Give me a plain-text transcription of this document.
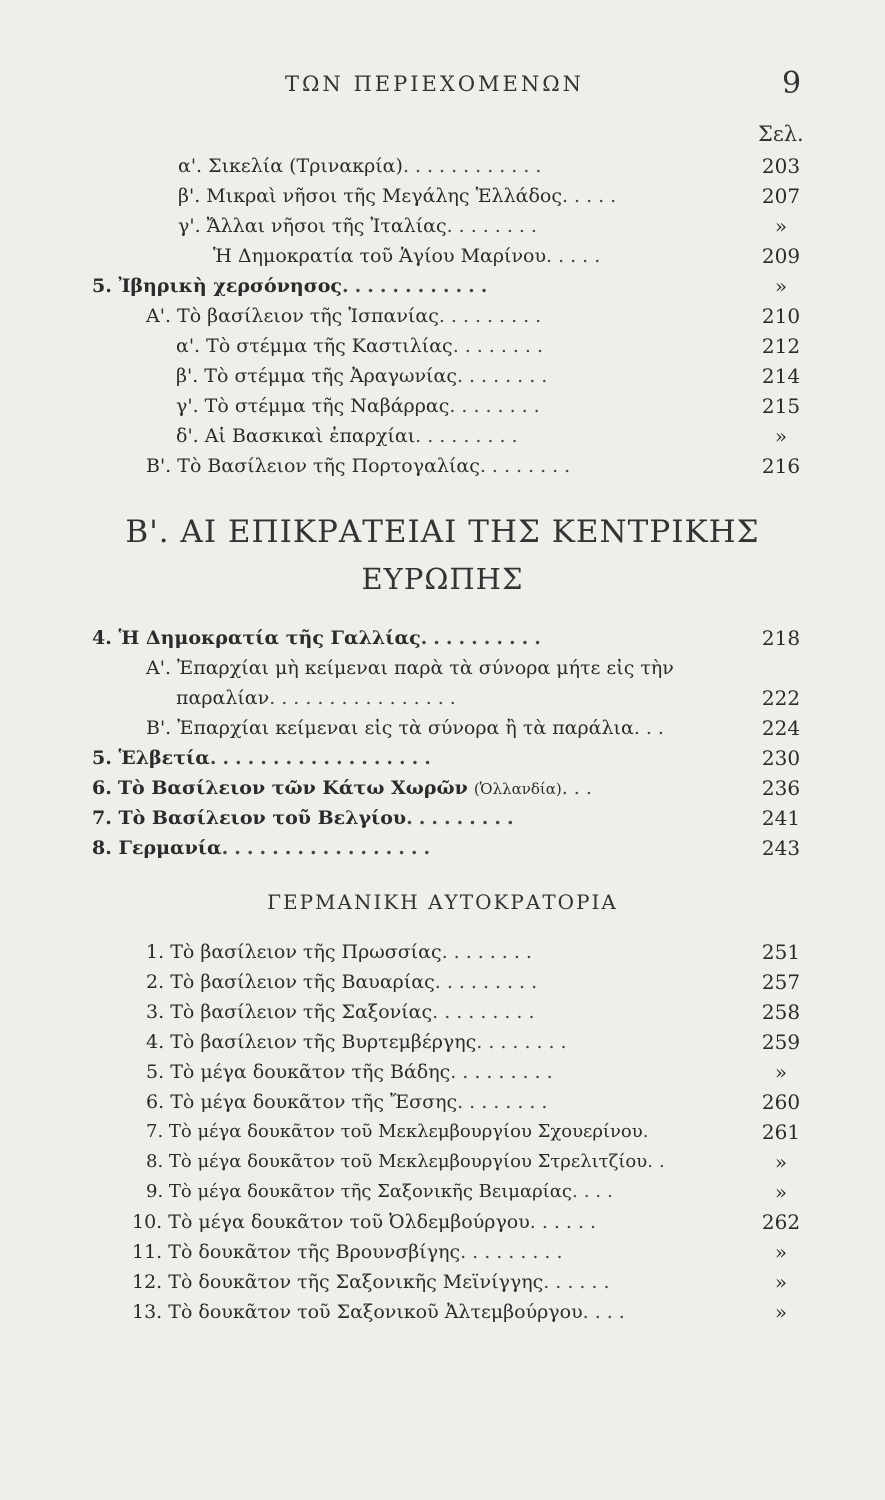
ΤΩΝ ΠΕΡΙΕΧΟΜΕΝΩΝ	9
Σελ.
α'. Σικελία (Τρινακρία)............	203
β'. Μικραὶ νῆσοι τῆς Μεγάλης Ἑλλάδος.....	207
γ'. Ἄλλαι νῆσοι τῆς Ἰταλίας........	»
Ἡ Δημοκρατία τοῦ Ἁγίου Μαρίνου.....	209
5. Ἰβηρικὴ χερσόνησος............	»
Α'. Τὸ βασίλειον τῆς Ἱσπανίας.........	210
α'. Τὸ στέμμα τῆς Καστιλίας........	212
β'. Τὸ στέμμα τῆς Ἀραγωνίας........	214
γ'. Τὸ στέμμα τῆς Ναβάρρας........	215
δ'. Αἱ Βασκικαὶ ἐπαρχίαι.........	»
Β'. Τὸ Βασίλειον τῆς Πορτογαλίας........	216
Β'. ΑΙ ΕΠΙΚΡΑΤΕΙΑΙ ΤΗΣ ΚΕΝΤΡΙΚΗΣ
ΕΥΡΩΠΗΣ
4. Ἡ Δημοκρατία τῆς Γαλλίας..........	218
Α'. Ἐπαρχίαι μὴ κείμεναι παρὰ τὰ σύνορα μήτε εἰς τὴν
παραλίαν................	222
Β'. Ἐπαρχίαι κείμεναι εἰς τὰ σύνορα ἢ τὰ παράλια...	224
5. Ἑλβετία..................	230
6. Τὸ Βασίλειον τῶν Κάτω Χωρῶν (Ὁλλανδία)...	236
7. Τὸ Βασίλειον τοῦ Βελγίου.........	241
8. Γερμανία.................	243
ΓΕΡΜΑΝΙΚΗ ΑΥΤΟΚΡΑΤΟΡΙΑ
1. Τὸ βασίλειον τῆς Πρωσσίας........	251
2. Τὸ βασίλειον τῆς Βαυαρίας.........	257
3. Τὸ βασίλειον τῆς Σαξονίας.........	258
4. Τὸ βασίλειον τῆς Βυρτεμβέργης........	259
5. Τὸ μέγα δουκᾶτον τῆς Βάδης.........	»
6. Τὸ μέγα δουκᾶτον τῆς Ἔσσης........	260
7. Τὸ μέγα δουκᾶτον τοῦ Μεκλεμβουργίου Σχουερίνου.	261
8. Τὸ μέγα δουκᾶτον τοῦ Μεκλεμβουργίου Στρελιτζίου..	»
9. Τὸ μέγα δουκᾶτον τῆς Σαξονικῆς Βειμαρίας....	»
10. Τὸ μέγα δουκᾶτον τοῦ Ὀλδεμβούργου......	262
11. Τὸ δουκᾶτον τῆς Βρουνσβίγης.........	»
12. Τὸ δουκᾶτον τῆς Σαξονικῆς Μεϊνίγγης......	»
13. Τὸ δουκᾶτον τοῦ Σαξονικοῦ Ἀλτεμβούργου....	»
